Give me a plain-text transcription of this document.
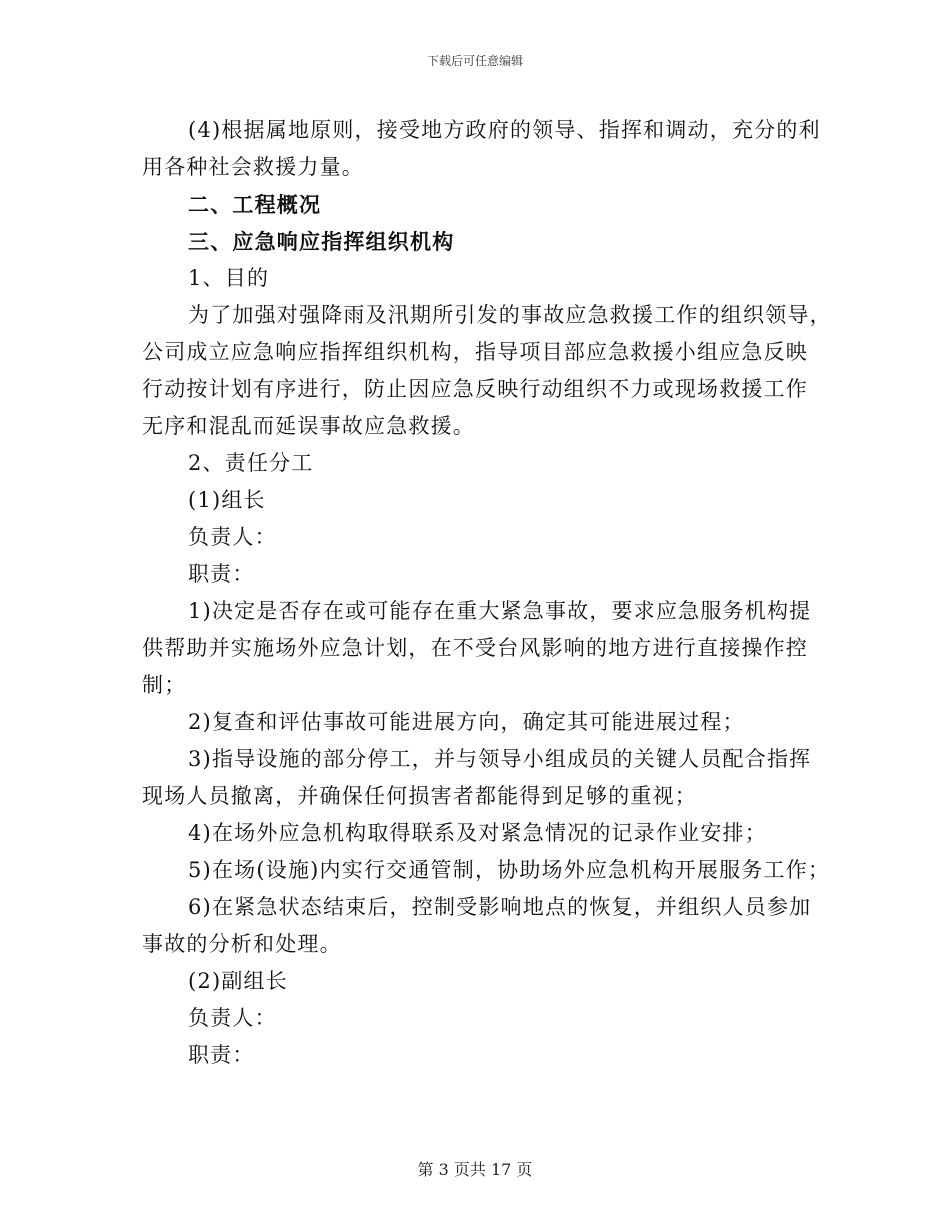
下载后可任意编辑
(4)根据属地原则，接受地方政府的领导、指挥和调动，充分的利
用各种社会救援力量。
二、工程概况
三、应急响应指挥组织机构
1、目的
为了加强对强降雨及汛期所引发的事故应急救援工作的组织领导，
公司成立应急响应指挥组织机构，指导项目部应急救援小组应急反映
行动按计划有序进行，防止因应急反映行动组织不力或现场救援工作
无序和混乱而延误事故应急救援。
2、责任分工
(1)组长
负责人：
职责：
1)决定是否存在或可能存在重大紧急事故，要求应急服务机构提
供帮助并实施场外应急计划，在不受台风影响的地方进行直接操作控
制；
2)复查和评估事故可能进展方向，确定其可能进展过程；
3)指导设施的部分停工，并与领导小组成员的关键人员配合指挥
现场人员撤离，并确保任何损害者都能得到足够的重视；
4)在场外应急机构取得联系及对紧急情况的记录作业安排；
5)在场(设施)内实行交通管制，协助场外应急机构开展服务工作；
6)在紧急状态结束后，控制受影响地点的恢复，并组织人员参加
事故的分析和处理。
(2)副组长
负责人：
职责：
第 3 页共 17 页
